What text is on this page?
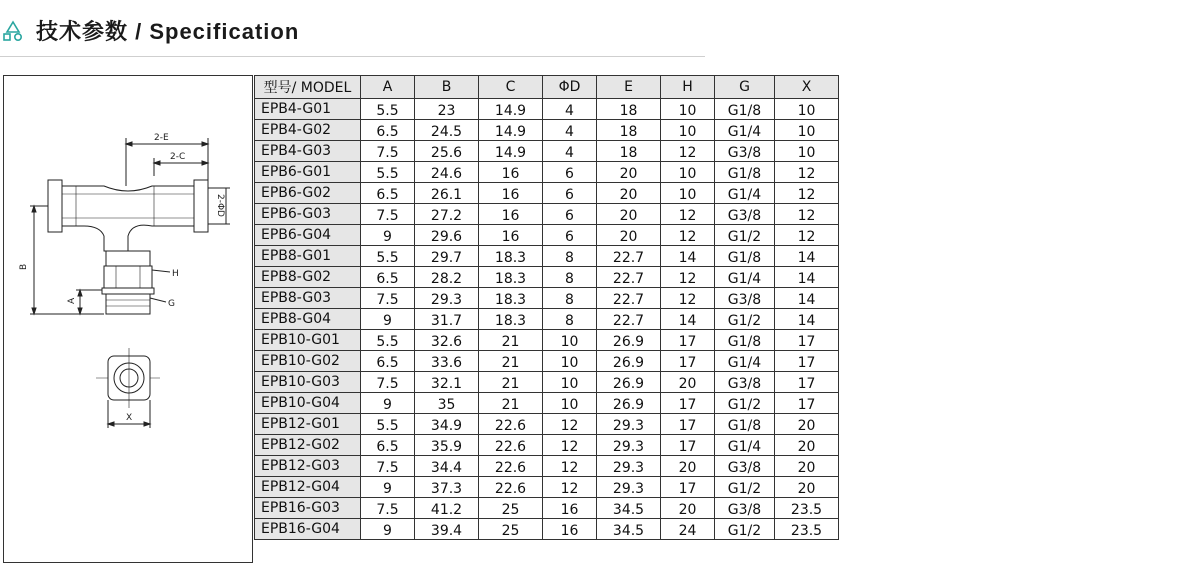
技术参数 / Specification
2-E
2-C
2-ΦD
H
G
B
A
X
型号/ MODEL	A	B	C	ΦD	E	H	G	X
EPB4-G01	5.5	23	14.9	4	18	10	G1/8	10
EPB4-G02	6.5	24.5	14.9	4	18	10	G1/4	10
EPB4-G03	7.5	25.6	14.9	4	18	12	G3/8	10
EPB6-G01	5.5	24.6	16	6	20	10	G1/8	12
EPB6-G02	6.5	26.1	16	6	20	10	G1/4	12
EPB6-G03	7.5	27.2	16	6	20	12	G3/8	12
EPB6-G04	9	29.6	16	6	20	12	G1/2	12
EPB8-G01	5.5	29.7	18.3	8	22.7	14	G1/8	14
EPB8-G02	6.5	28.2	18.3	8	22.7	12	G1/4	14
EPB8-G03	7.5	29.3	18.3	8	22.7	12	G3/8	14
EPB8-G04	9	31.7	18.3	8	22.7	14	G1/2	14
EPB10-G01	5.5	32.6	21	10	26.9	17	G1/8	17
EPB10-G02	6.5	33.6	21	10	26.9	17	G1/4	17
EPB10-G03	7.5	32.1	21	10	26.9	20	G3/8	17
EPB10-G04	9	35	21	10	26.9	17	G1/2	17
EPB12-G01	5.5	34.9	22.6	12	29.3	17	G1/8	20
EPB12-G02	6.5	35.9	22.6	12	29.3	17	G1/4	20
EPB12-G03	7.5	34.4	22.6	12	29.3	20	G3/8	20
EPB12-G04	9	37.3	22.6	12	29.3	17	G1/2	20
EPB16-G03	7.5	41.2	25	16	34.5	20	G3/8	23.5
EPB16-G04	9	39.4	25	16	34.5	24	G1/2	23.5
